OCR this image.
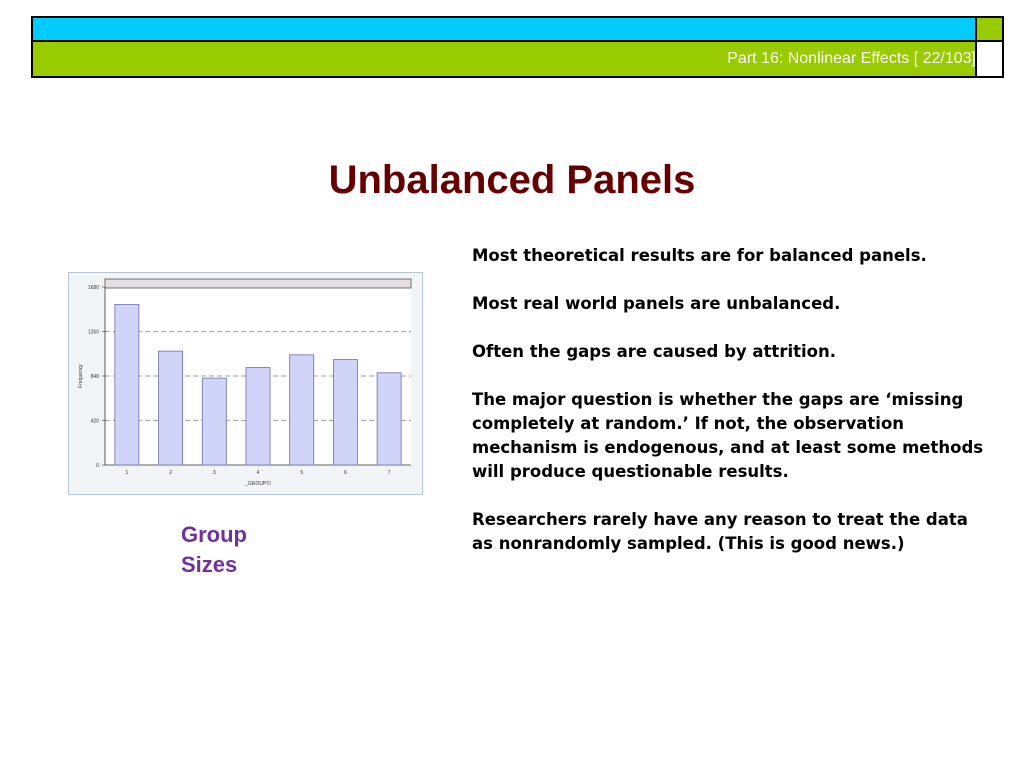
Part 16: Nonlinear Effects [ 22/103]
Unbalanced Panels
0
420
840
1260
1680
1	2	3	4	5	6	7
_GROUPTI
Frequency
Group
Sizes

Most theoretical results are for balanced panels.

Most real world panels are unbalanced.

Often the gaps are caused by attrition.

The major question is whether the gaps are ‘missing completely at random.’ If not, the observation mechanism is endogenous, and at least some methods will produce questionable results.

Researchers rarely have any reason to treat the data as nonrandomly sampled. (This is good news.)
